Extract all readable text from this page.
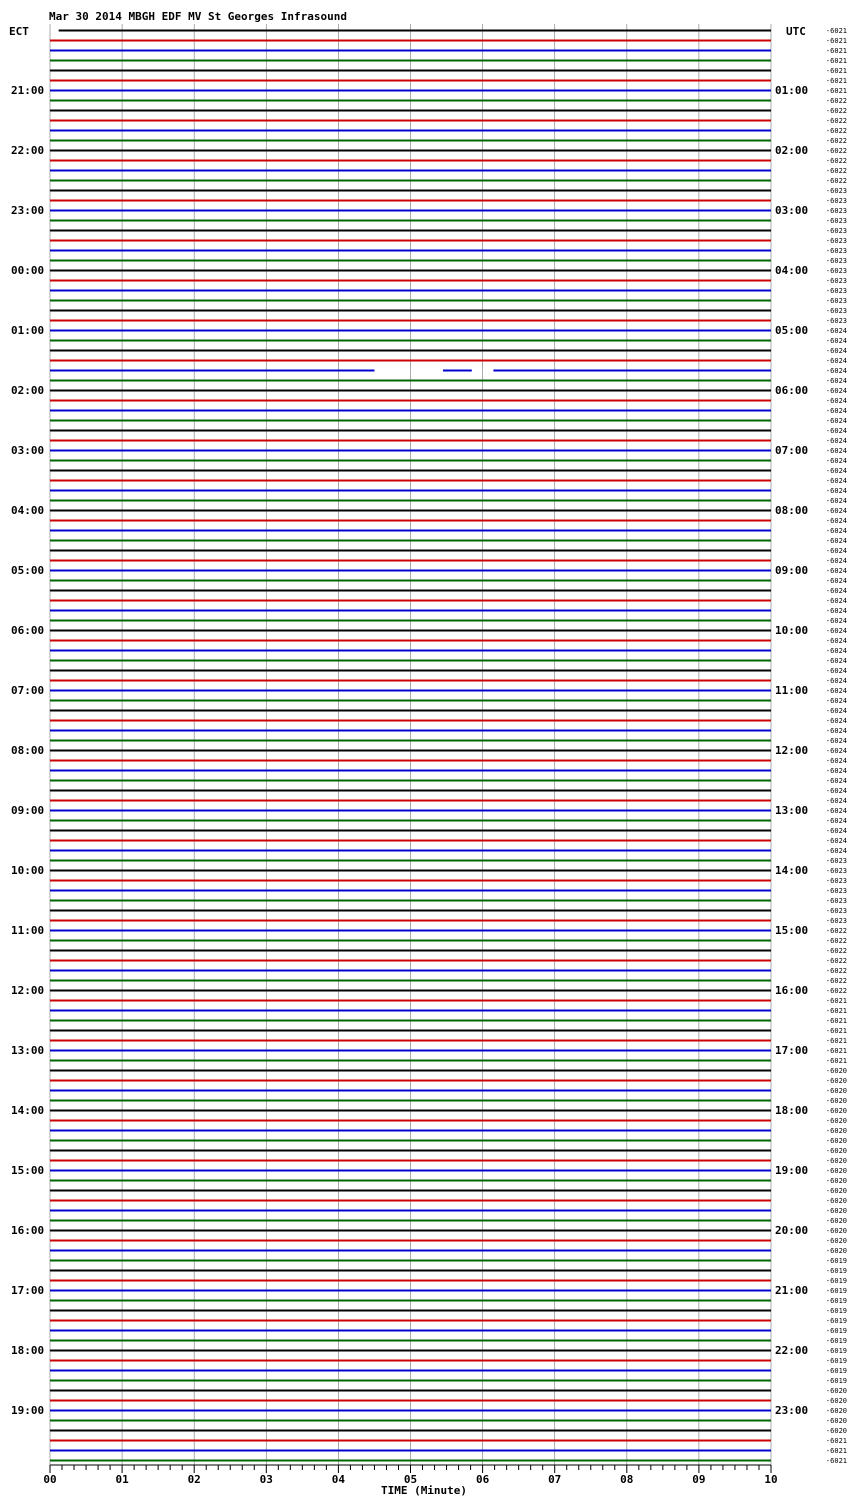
Mar 30 2014 MBGH EDF MV St Georges Infrasound
ECT	UTC
TIME (Minute)
21:00
22:00
23:00
00:00
01:00
02:00
03:00
04:00
05:00
06:00
07:00
08:00
09:00
10:00
11:00
12:00
13:00
14:00
15:00
16:00
17:00
18:00
19:00
01:00
02:00
03:00
04:00
05:00
06:00
07:00
08:00
09:00
10:00
11:00
12:00
13:00
14:00
15:00
16:00
17:00
18:00
19:00
20:00
21:00
22:00
23:00
-6021
-6021
-6021
-6021
-6021
-6021
-6021
-6022
-6022
-6022
-6022
-6022
-6022
-6022
-6022
-6022
-6023
-6023
-6023
-6023
-6023
-6023
-6023
-6023
-6023
-6023
-6023
-6023
-6023
-6023
-6024
-6024
-6024
-6024
-6024
-6024
-6024
-6024
-6024
-6024
-6024
-6024
-6024
-6024
-6024
-6024
-6024
-6024
-6024
-6024
-6024
-6024
-6024
-6024
-6024
-6024
-6024
-6024
-6024
-6024
-6024
-6024
-6024
-6024
-6024
-6024
-6024
-6024
-6024
-6024
-6024
-6024
-6024
-6024
-6024
-6024
-6024
-6024
-6024
-6024
-6024
-6024
-6024
-6023
-6023
-6023
-6023
-6023
-6023
-6023
-6022
-6022
-6022
-6022
-6022
-6022
-6022
-6021
-6021
-6021
-6021
-6021
-6021
-6021
-6020
-6020
-6020
-6020
-6020
-6020
-6020
-6020
-6020
-6020
-6020
-6020
-6020
-6020
-6020
-6020
-6020
-6020
-6020
-6019
-6019
-6019
-6019
-6019
-6019
-6019
-6019
-6019
-6019
-6019
-6019
-6019
-6020
-6020
-6020
-6020
-6020
-6021
-6021
-6021
00	01	02	03	04	05	06	07	08	09	10
